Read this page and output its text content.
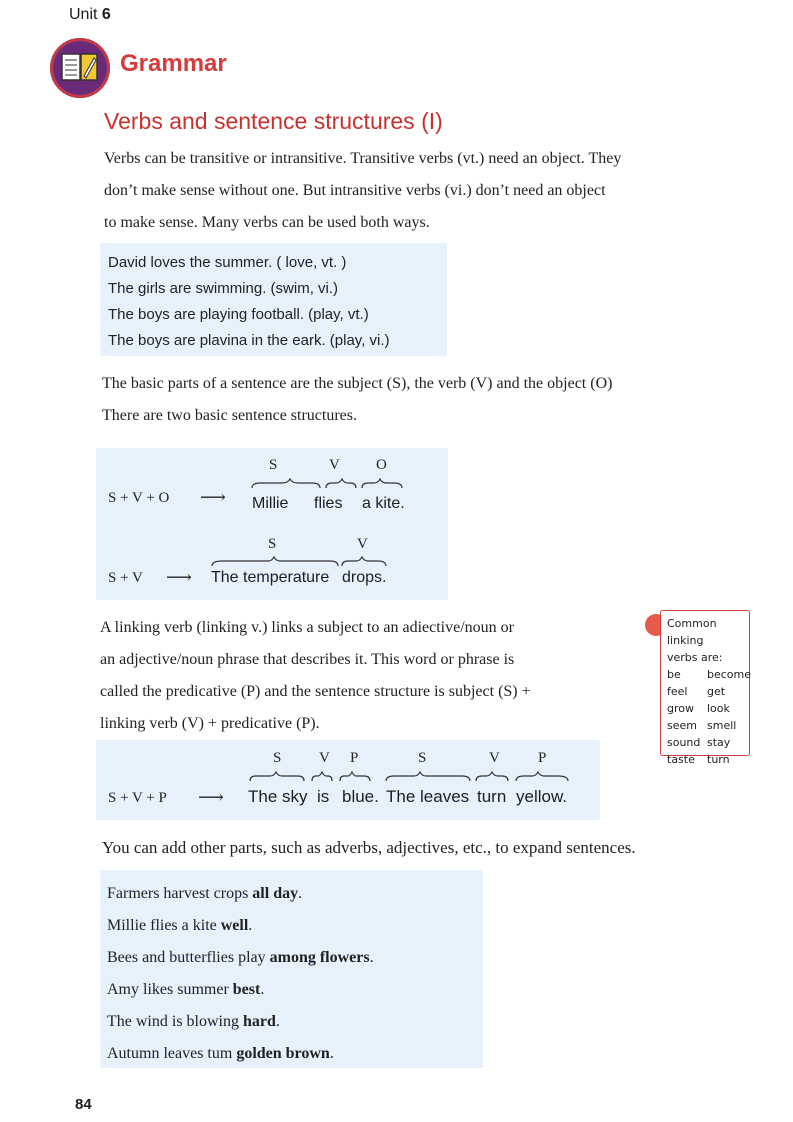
Unit 6
Grammar
Verbs and sentence structures (I)
Verbs can be transitive or intransitive. Transitive verbs (vt.) need an object. They
don’t make sense without one. But intransitive verbs (vi.) don’t need an object
to make sense. Many verbs can be used both ways.
David loves the summer. ( love, vt. )
The girls are swimming. (swim, vi.)
The boys are playing football. (play, vt.)
The boys are plavina in the eark. (play, vi.)
The basic parts of a sentence are the subject (S), the verb (V) and the object (O)
There are two basic sentence structures.
S + V + O ⟶
S	V O
Millie flies a kite.
S	V
S + V ⟶ The temperature drops.
A linking verb (linking v.) links a subject to an adiective/noun or
an adjective/noun phrase that describes it. This word or phrase is
called the predicative (P) and the sentence structure is subject (S) +
linking verb (V) + predicative (P).
Common linking
verbs are:
be	become
feel	get
grow	look
seem smell
sound stay
taste	turn
S	V P	S	V	P
S + V + P ⟶ The sky is blue. The leaves turn yellow.
You can add other parts, such as adverbs, adjectives, etc., to expand sentences.
Farmers harvest crops all day.
Millie flies a kite well.
Bees and butterflies play among flowers.
Amy likes summer best.
The wind is blowing hard.
Autumn leaves tum golden brown.
84
